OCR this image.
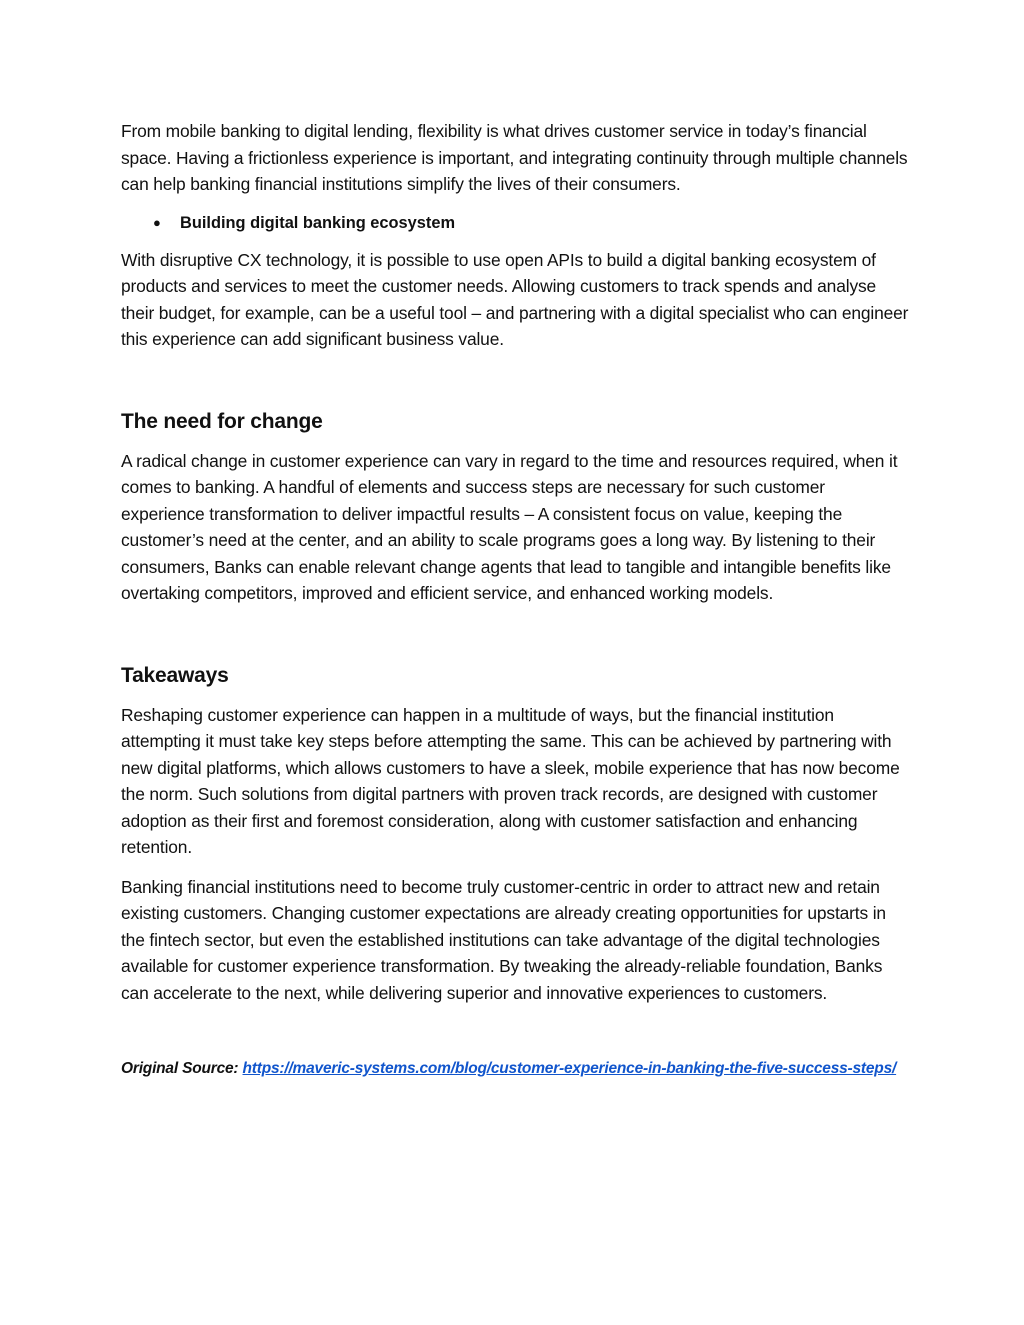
From mobile banking to digital lending, flexibility is what drives customer service in today’s financial space. Having a frictionless experience is important, and integrating continuity through multiple channels can help banking financial institutions simplify the lives of their consumers.

●	Building digital banking ecosystem

With disruptive CX technology, it is possible to use open APIs to build a digital banking ecosystem of products and services to meet the customer needs. Allowing customers to track spends and analyse their budget, for example, can be a useful tool – and partnering with a digital specialist who can engineer this experience can add significant business value.

The need for change

A radical change in customer experience can vary in regard to the time and resources required, when it comes to banking. A handful of elements and success steps are necessary for such customer experience transformation to deliver impactful results – A consistent focus on value, keeping the customer’s need at the center, and an ability to scale programs goes a long way. By listening to their consumers, Banks can enable relevant change agents that lead to tangible and intangible benefits like overtaking competitors, improved and efficient service, and enhanced working models.

Takeaways

Reshaping customer experience can happen in a multitude of ways, but the financial institution attempting it must take key steps before attempting the same. This can be achieved by partnering with new digital platforms, which allows customers to have a sleek, mobile experience that has now become the norm. Such solutions from digital partners with proven track records, are designed with customer adoption as their first and foremost consideration, along with customer satisfaction and enhancing retention.

Banking financial institutions need to become truly customer-centric in order to attract new and retain existing customers. Changing customer expectations are already creating opportunities for upstarts in the fintech sector, but even the established institutions can take advantage of the digital technologies available for customer experience transformation. By tweaking the already-reliable foundation, Banks can accelerate to the next, while delivering superior and innovative experiences to customers.

Original Source: https://maveric-systems.com/blog/customer-experience-in-banking-the-five-success-steps/
